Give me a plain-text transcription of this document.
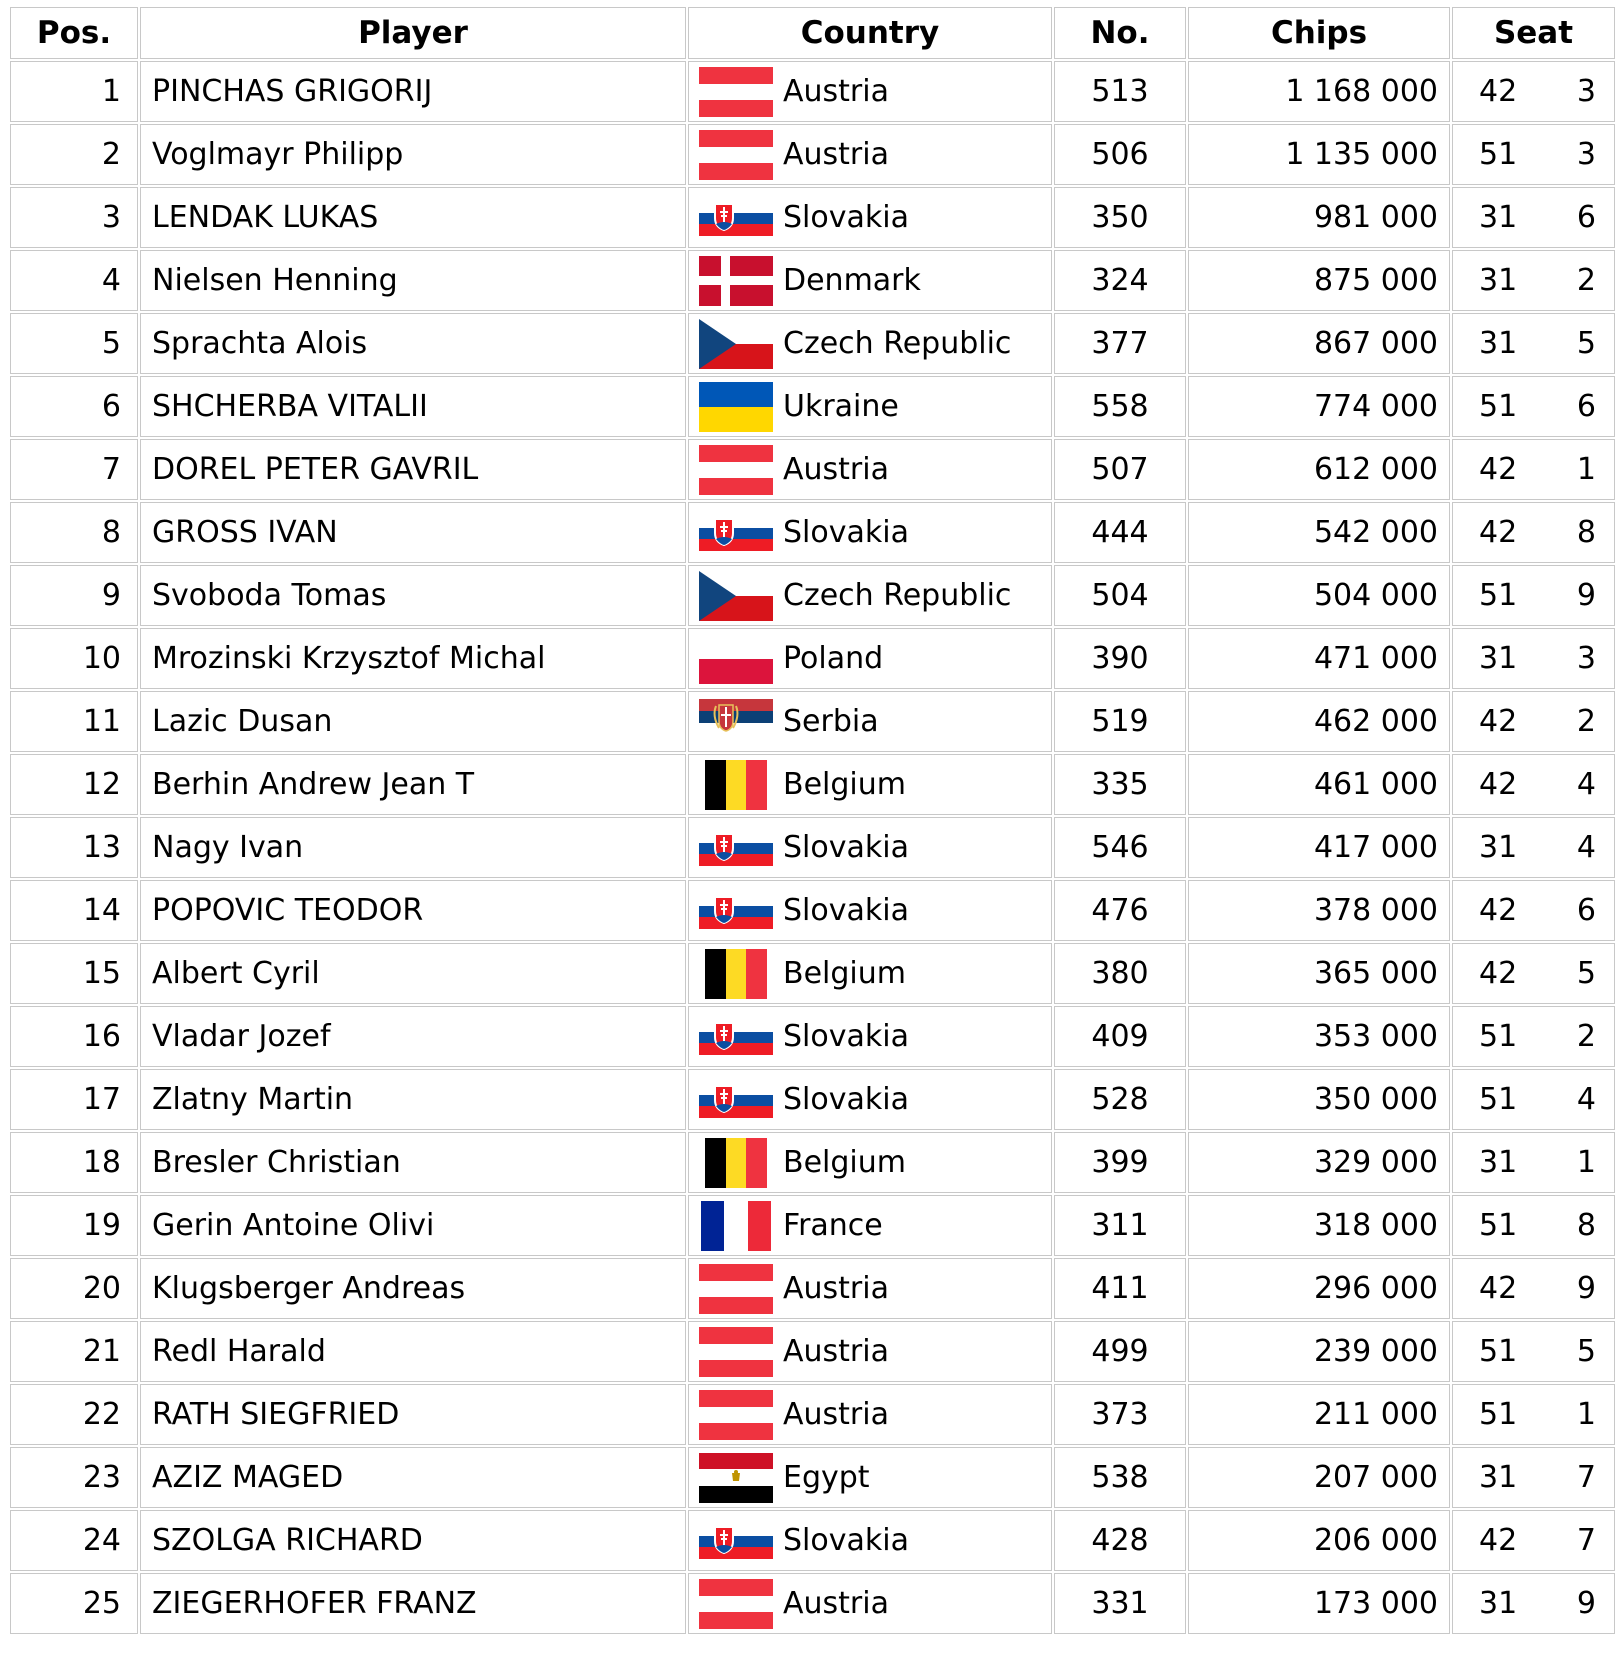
Pos.	Player	Country	No.	Chips	Seat
1	PINCHAS GRIGORIJ	Austria	513	1 168 000	42 3

2	Voglmayr Philipp	Austria	506	1 135 000	51 3

3	LENDAK LUKAS	Slovakia	350	981 000	31 6

4	Nielsen Henning	Denmark	324	875 000	31 2

5	Sprachta Alois	Czech Republic	377	867 000	31 5

6	SHCHERBA VITALII	Ukraine	558	774 000	51 6

7	DOREL PETER GAVRIL	Austria	507	612 000	42 1

8	GROSS IVAN	Slovakia	444	542 000	42 8

9	Svoboda Tomas	Czech Republic	504	504 000	51 9

10	Mrozinski Krzysztof Michal	Poland	390	471 000	31 3

11	Lazic Dusan	Serbia	519	462 000	42 2

12	Berhin Andrew Jean T	Belgium	335	461 000	42 4

13	Nagy Ivan	Slovakia	546	417 000	31 4

14	POPOVIC TEODOR	Slovakia	476	378 000	42 6

15	Albert Cyril	Belgium	380	365 000	42 5

16	Vladar Jozef	Slovakia	409	353 000	51 2

17	Zlatny Martin	Slovakia	528	350 000	51 4

18	Bresler Christian	Belgium	399	329 000	31 1

19	Gerin Antoine Olivi	France	311	318 000	51 8

20	Klugsberger Andreas	Austria	411	296 000	42 9

21	Redl Harald	Austria	499	239 000	51 5

22	RATH SIEGFRIED	Austria	373	211 000	51 1

23	AZIZ MAGED	Egypt	538	207 000	31 7

24	SZOLGA RICHARD	Slovakia	428	206 000	42 7

25	ZIEGERHOFER FRANZ	Austria	331	173 000	31 9
